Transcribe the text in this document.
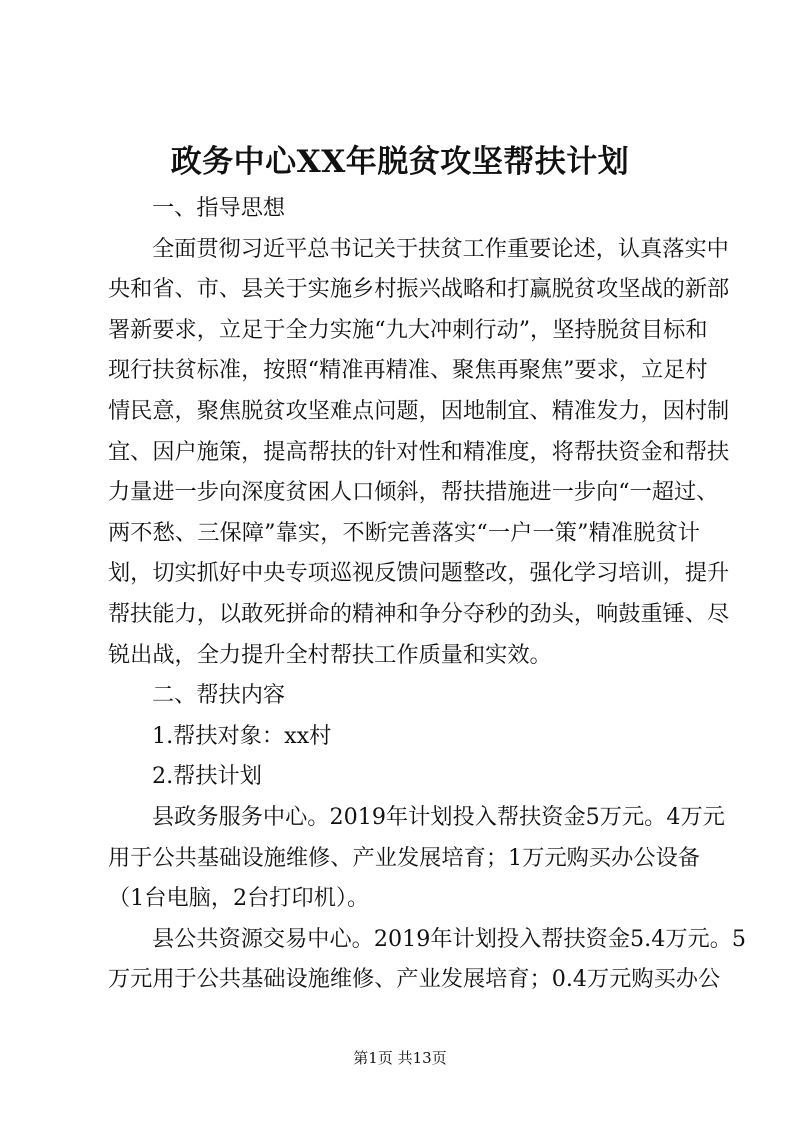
政务中心XX年脱贫攻坚帮扶计划
一、指导思想
全面贯彻习近平总书记关于扶贫工作重要论述，认真落实中
央和省、市、县关于实施乡村振兴战略和打赢脱贫攻坚战的新部
署新要求，立足于全力实施“九大冲刺行动”，坚持脱贫目标和
现行扶贫标准，按照“精准再精准、聚焦再聚焦”要求，立足村
情民意，聚焦脱贫攻坚难点问题，因地制宜、精准发力，因村制
宜、因户施策，提高帮扶的针对性和精准度，将帮扶资金和帮扶
力量进一步向深度贫困人口倾斜，帮扶措施进一步向“一超过、
两不愁、三保障”靠实，不断完善落实“一户一策”精准脱贫计
划，切实抓好中央专项巡视反馈问题整改，强化学习培训，提升
帮扶能力，以敢死拼命的精神和争分夺秒的劲头，响鼓重锤、尽
锐出战，全力提升全村帮扶工作质量和实效。
二、帮扶内容
1.帮扶对象：xx村
2.帮扶计划
县政务服务中心。2019年计划投入帮扶资金5万元。4万元
用于公共基础设施维修、产业发展培育；1万元购买办公设备
（1台电脑，2台打印机）。
县公共资源交易中心。2019年计划投入帮扶资金5.4万元。5
万元用于公共基础设施维修、产业发展培育；0.4万元购买办公
第1页 共13页
